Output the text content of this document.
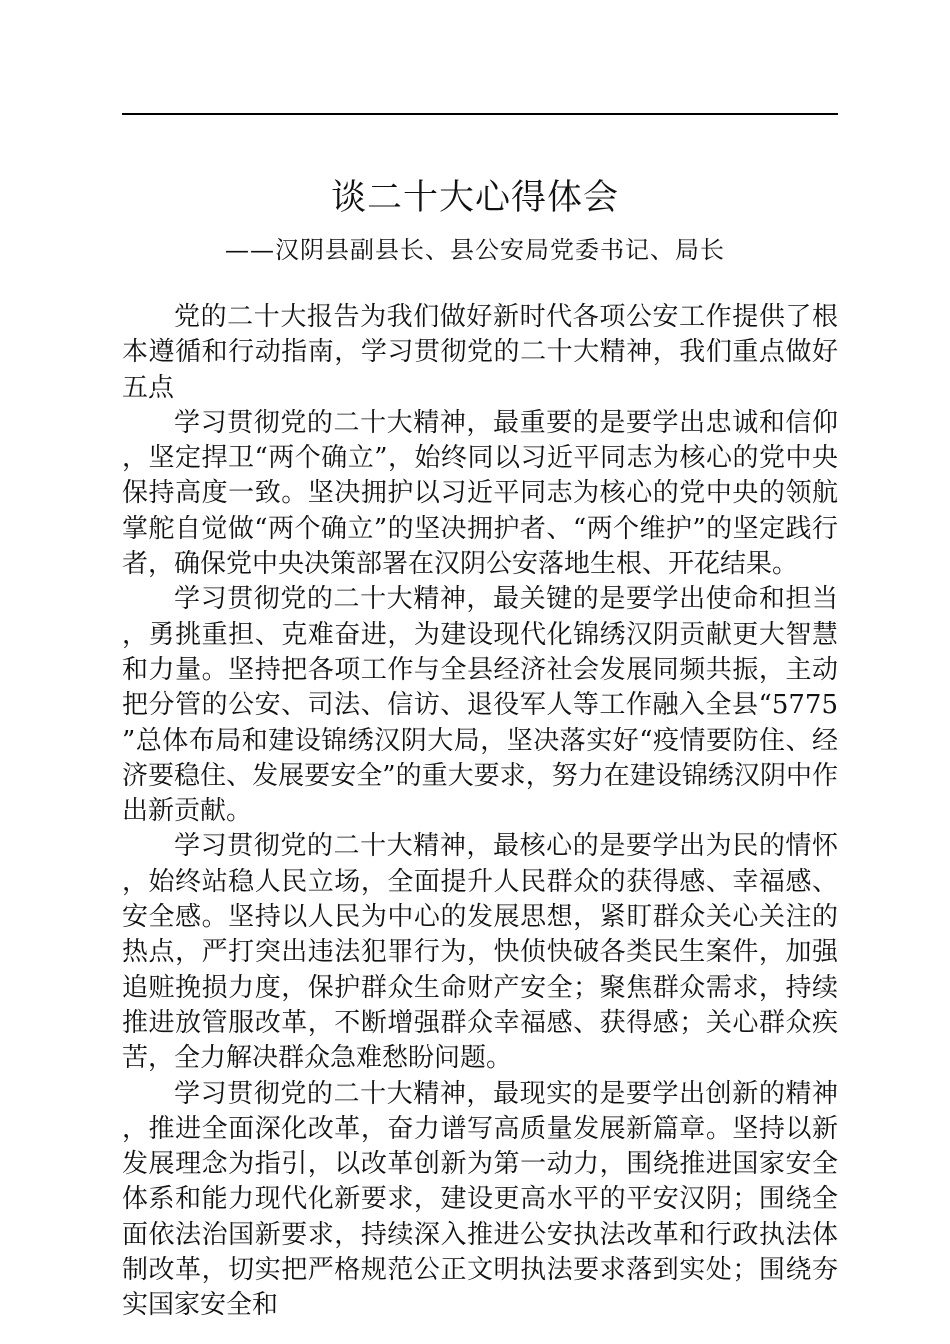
谈二十大心得体会
——汉阴县副县长、县公安局党委书记、局长

党的二十大报告为我们做好新时代各项公安工作提供了根本遵循和行动指南，学习贯彻党的二十大精神，我们重点做好五点

学习贯彻党的二十大精神，最重要的是要学出忠诚和信仰，坚定捍卫“两个确立”，始终同以习近平同志为核心的党中央保持高度一致。坚决拥护以习近平同志为核心的党中央的领航掌舵自觉做“两个确立”的坚决拥护者、“两个维护”的坚定践行者，确保党中央决策部署在汉阴公安落地生根、开花结果。

学习贯彻党的二十大精神，最关键的是要学出使命和担当，勇挑重担、克难奋进，为建设现代化锦绣汉阴贡献更大智慧和力量。坚持把各项工作与全县经济社会发展同频共振，主动把分管的公安、司法、信访、退役军人等工作融入全县“5775”总体布局和建设锦绣汉阴大局，坚决落实好“疫情要防住、经济要稳住、发展要安全”的重大要求，努力在建设锦绣汉阴中作出新贡献。

学习贯彻党的二十大精神，最核心的是要学出为民的情怀，始终站稳人民立场，全面提升人民群众的获得感、幸福感、安全感。坚持以人民为中心的发展思想，紧盯群众关心关注的热点，严打突出违法犯罪行为，快侦快破各类民生案件，加强追赃挽损力度，保护群众生命财产安全；聚焦群众需求，持续推进放管服改革，不断增强群众幸福感、获得感；关心群众疾苦，全力解决群众急难愁盼问题。

学习贯彻党的二十大精神，最现实的是要学出创新的精神，推进全面深化改革，奋力谱写高质量发展新篇章。坚持以新发展理念为指引，以改革创新为第一动力，围绕推进国家安全体系和能力现代化新要求，建设更高水平的平安汉阴；围绕全面依法治国新要求，持续深入推进公安执法改革和行政执法体制改革，切实把严格规范公正文明执法要求落到实处；围绕夯实国家安全和
